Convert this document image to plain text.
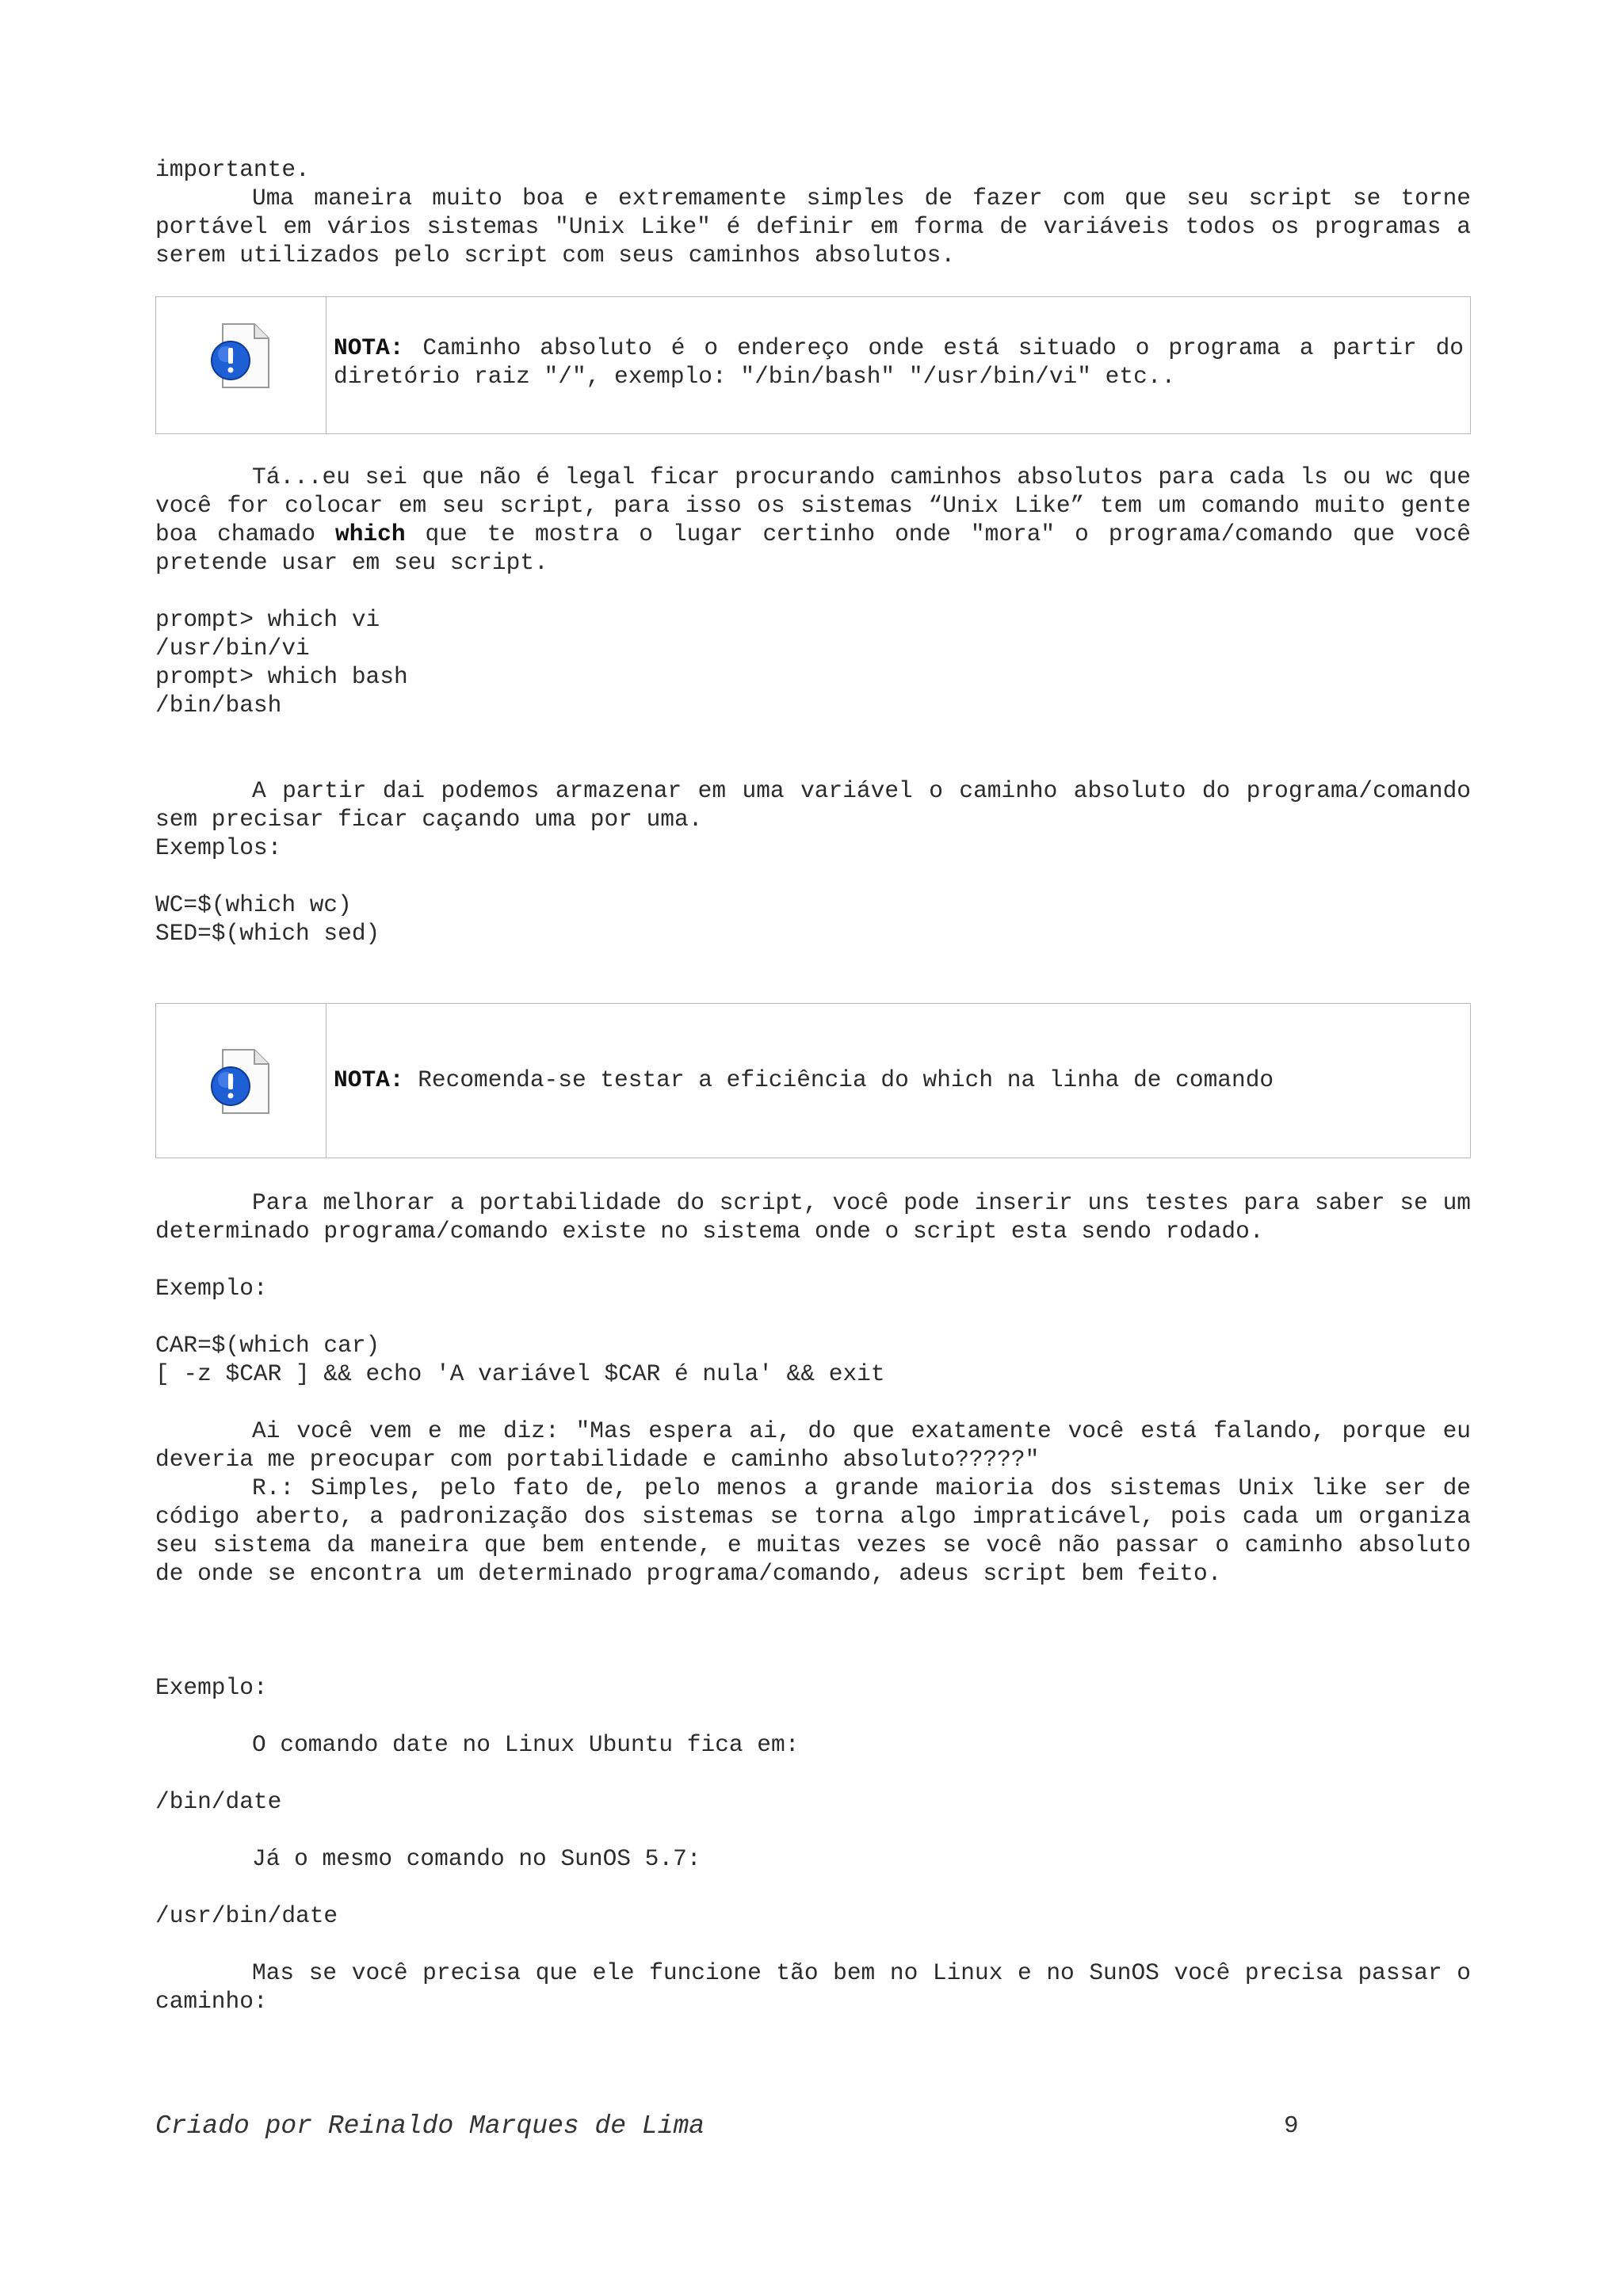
importante.
Uma maneira muito boa e extremamente simples de fazer com que seu script se torne portável em vários sistemas "Unix Like" é definir em forma de variáveis todos os programas a serem utilizados pelo script com seus caminhos absolutos.
NOTA: Caminho absoluto é o endereço onde está situado o programa a partir do diretório raiz "/", exemplo: "/bin/bash" "/usr/bin/vi" etc..
Tá...eu sei que não é legal ficar procurando caminhos absolutos para cada ls ou wc que você for colocar em seu script, para isso os sistemas “Unix Like” tem um comando muito gente boa chamado which que te mostra o lugar certinho onde "mora" o programa/comando que você pretende usar em seu script.
prompt> which vi
/usr/bin/vi
prompt> which bash
/bin/bash
A partir dai podemos armazenar em uma variável o caminho absoluto do programa/comando sem precisar ficar caçando uma por uma.
Exemplos:
WC=$(which wc)
SED=$(which sed)
NOTA: Recomenda-se testar a eficiência do which na linha de comando
Para melhorar a portabilidade do script, você pode inserir uns testes para saber se um determinado programa/comando existe no sistema onde o script esta sendo rodado.
Exemplo:
CAR=$(which car)
[ -z $CAR ] && echo 'A variável $CAR é nula' && exit
Ai você vem e me diz: "Mas espera ai, do que exatamente você está falando, porque eu deveria me preocupar com portabilidade e caminho absoluto?????"
R.: Simples, pelo fato de, pelo menos a grande maioria dos sistemas Unix like ser de código aberto, a padronização dos sistemas se torna algo impraticável, pois cada um organiza seu sistema da maneira que bem entende, e muitas vezes se você não passar o caminho absoluto de onde se encontra um determinado programa/comando, adeus script bem feito.
Exemplo:
O comando date no Linux Ubuntu fica em:
/bin/date
Já o mesmo comando no SunOS 5.7:
/usr/bin/date
Mas se você precisa que ele funcione tão bem no Linux e no SunOS você precisa passar o caminho:
Criado por Reinaldo Marques de Lima	9
